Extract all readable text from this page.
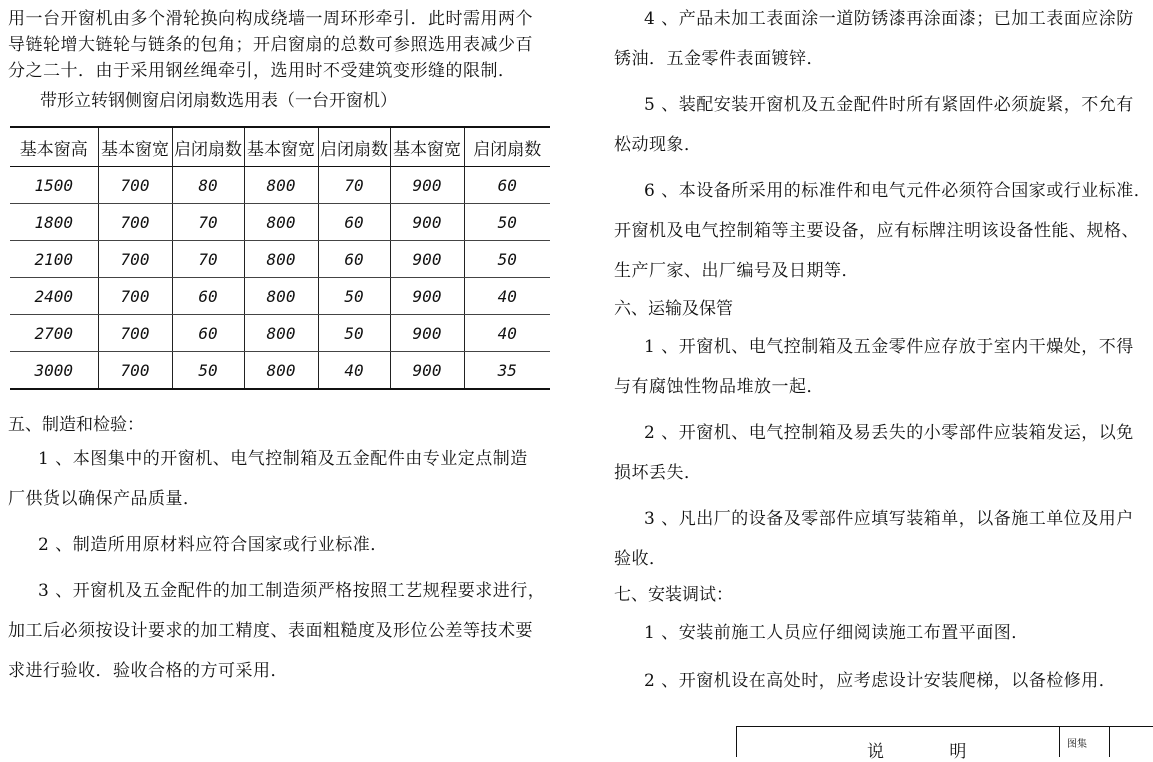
用一台开窗机由多个滑轮换向构成绕墙一周环形牵引．此时需用两个

导链轮增大链轮与链条的包角；开启窗扇的总数可参照选用表减少百

分之二十．由于采用钢丝绳牵引，选用时不受建筑变形缝的限制．

带形立转钢侧窗启闭扇数选用表（一台开窗机）
基本窗高	基本窗宽	启闭扇数	基本窗宽	启闭扇数	基本窗宽	启闭扇数
1500	700	80	800	70	900	60
1800	700	70	800	60	900	50
2100	700	70	800	60	900	50
2400	700	60	800	50	900	40
2700	700	60	800	50	900	40
3000	700	50	800	40	900	35

五、制造和检验：

1 、本图集中的开窗机、电气控制箱及五金配件由专业定点制造

厂供货以确保产品质量．

2 、制造所用原材料应符合国家或行业标准．

3 、开窗机及五金配件的加工制造须严格按照工艺规程要求进行，

加工后必须按设计要求的加工精度、表面粗糙度及形位公差等技术要

求进行验收．验收合格的方可采用．

4 、产品未加工表面涂一道防锈漆再涂面漆；已加工表面应涂防

锈油．五金零件表面镀锌．

5 、装配安装开窗机及五金配件时所有紧固件必须旋紧，不允有

松动现象．

6 、本设备所采用的标准件和电气元件必须符合国家或行业标准．

开窗机及电气控制箱等主要设备，应有标牌注明该设备性能、规格、

生产厂家、出厂编号及日期等．

六、运输及保管

1 、开窗机、电气控制箱及五金零件应存放于室内干燥处，不得

与有腐蚀性物品堆放一起．

2 、开窗机、电气控制箱及易丢失的小零部件应装箱发运，以免

损坏丢失．

3 、凡出厂的设备及零部件应填写装箱单，以备施工单位及用户

验收．

七、安装调试：

1 、安装前施工人员应仔细阅读施工布置平面图．

2 、开窗机设在高处时，应考虑设计安装爬梯，以备检修用．

说 明	图集
